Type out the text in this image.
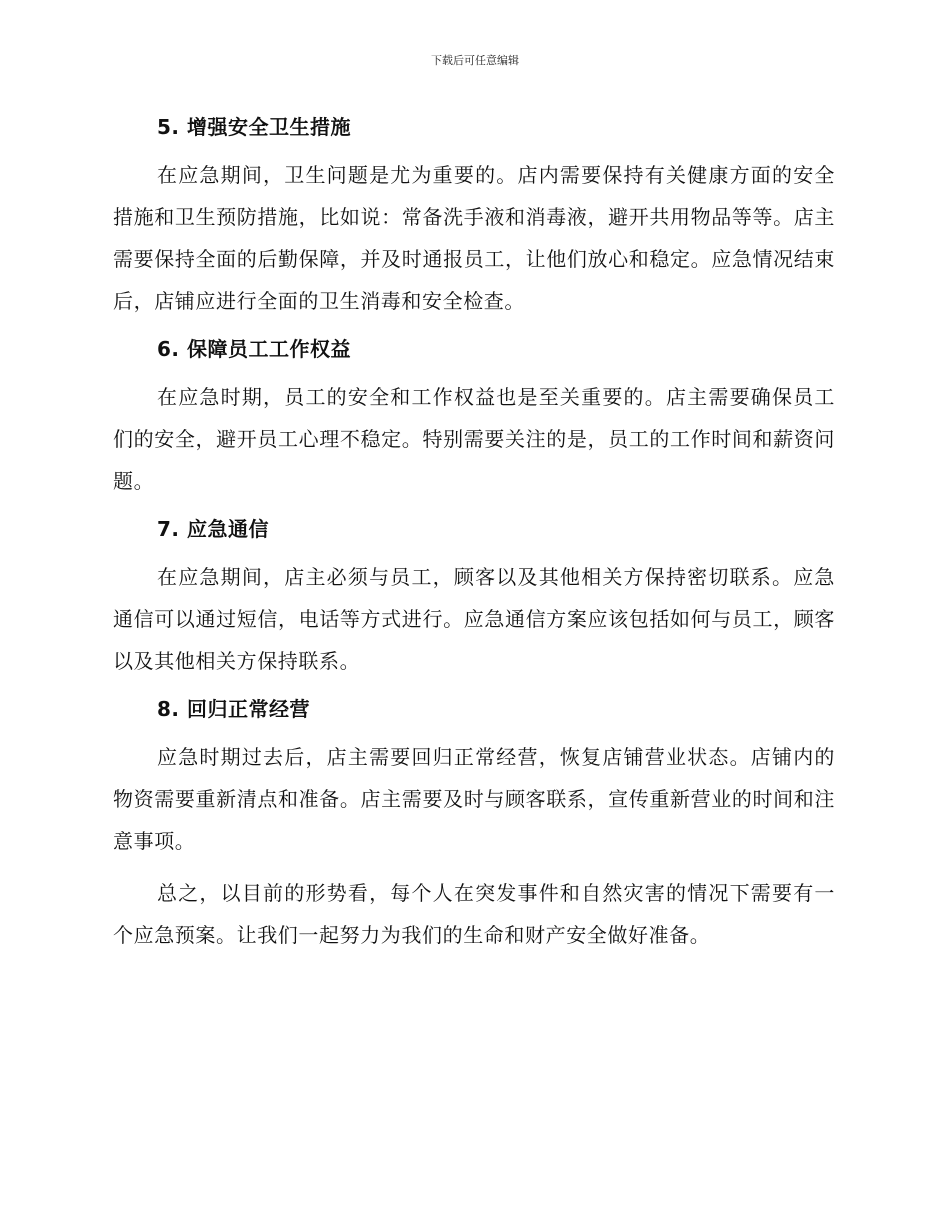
下载后可任意编辑
5. 增强安全卫生措施

在应急期间，卫生问题是尤为重要的。店内需要保持有关健康方面的安全措施和卫生预防措施，比如说：常备洗手液和消毒液，避开共用物品等等。店主需要保持全面的后勤保障，并及时通报员工，让他们放心和稳定。应急情况结束后，店铺应进行全面的卫生消毒和安全检查。

6. 保障员工工作权益

在应急时期，员工的安全和工作权益也是至关重要的。店主需要确保员工们的安全，避开员工心理不稳定。特别需要关注的是，员工的工作时间和薪资问题。

7. 应急通信

在应急期间，店主必须与员工，顾客以及其他相关方保持密切联系。应急通信可以通过短信，电话等方式进行。应急通信方案应该包括如何与员工，顾客以及其他相关方保持联系。

8. 回归正常经营

应急时期过去后，店主需要回归正常经营，恢复店铺营业状态。店铺内的物资需要重新清点和准备。店主需要及时与顾客联系，宣传重新营业的时间和注意事项。

总之，以目前的形势看，每个人在突发事件和自然灾害的情况下需要有一个应急预案。让我们一起努力为我们的生命和财产安全做好准备。
